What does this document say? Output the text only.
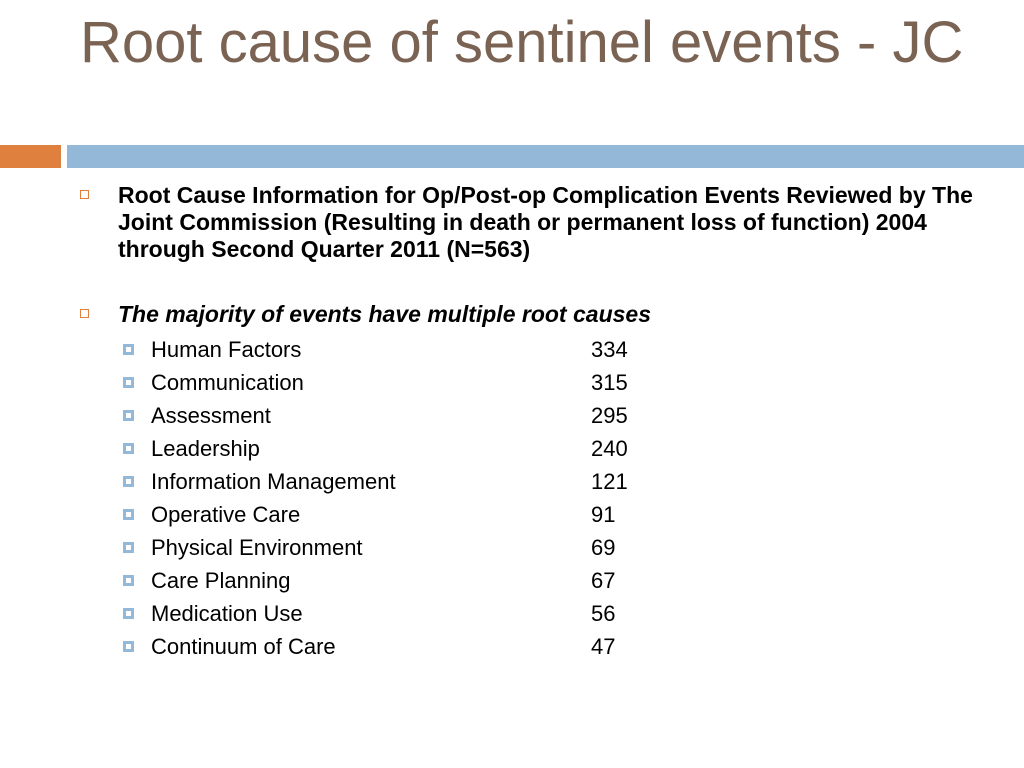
Root cause of sentinel events - JC
Root Cause Information for Op/Post-op Complication Events Reviewed by The Joint Commission (Resulting in death or permanent loss of function) 2004 through Second Quarter 2011 (N=563)
The majority of events have multiple root causes
Human Factors	334
Communication	315
Assessment	295
Leadership	240
Information Management	121
Operative Care	91
Physical Environment	69
Care Planning	67
Medication Use	56
Continuum of Care	47
